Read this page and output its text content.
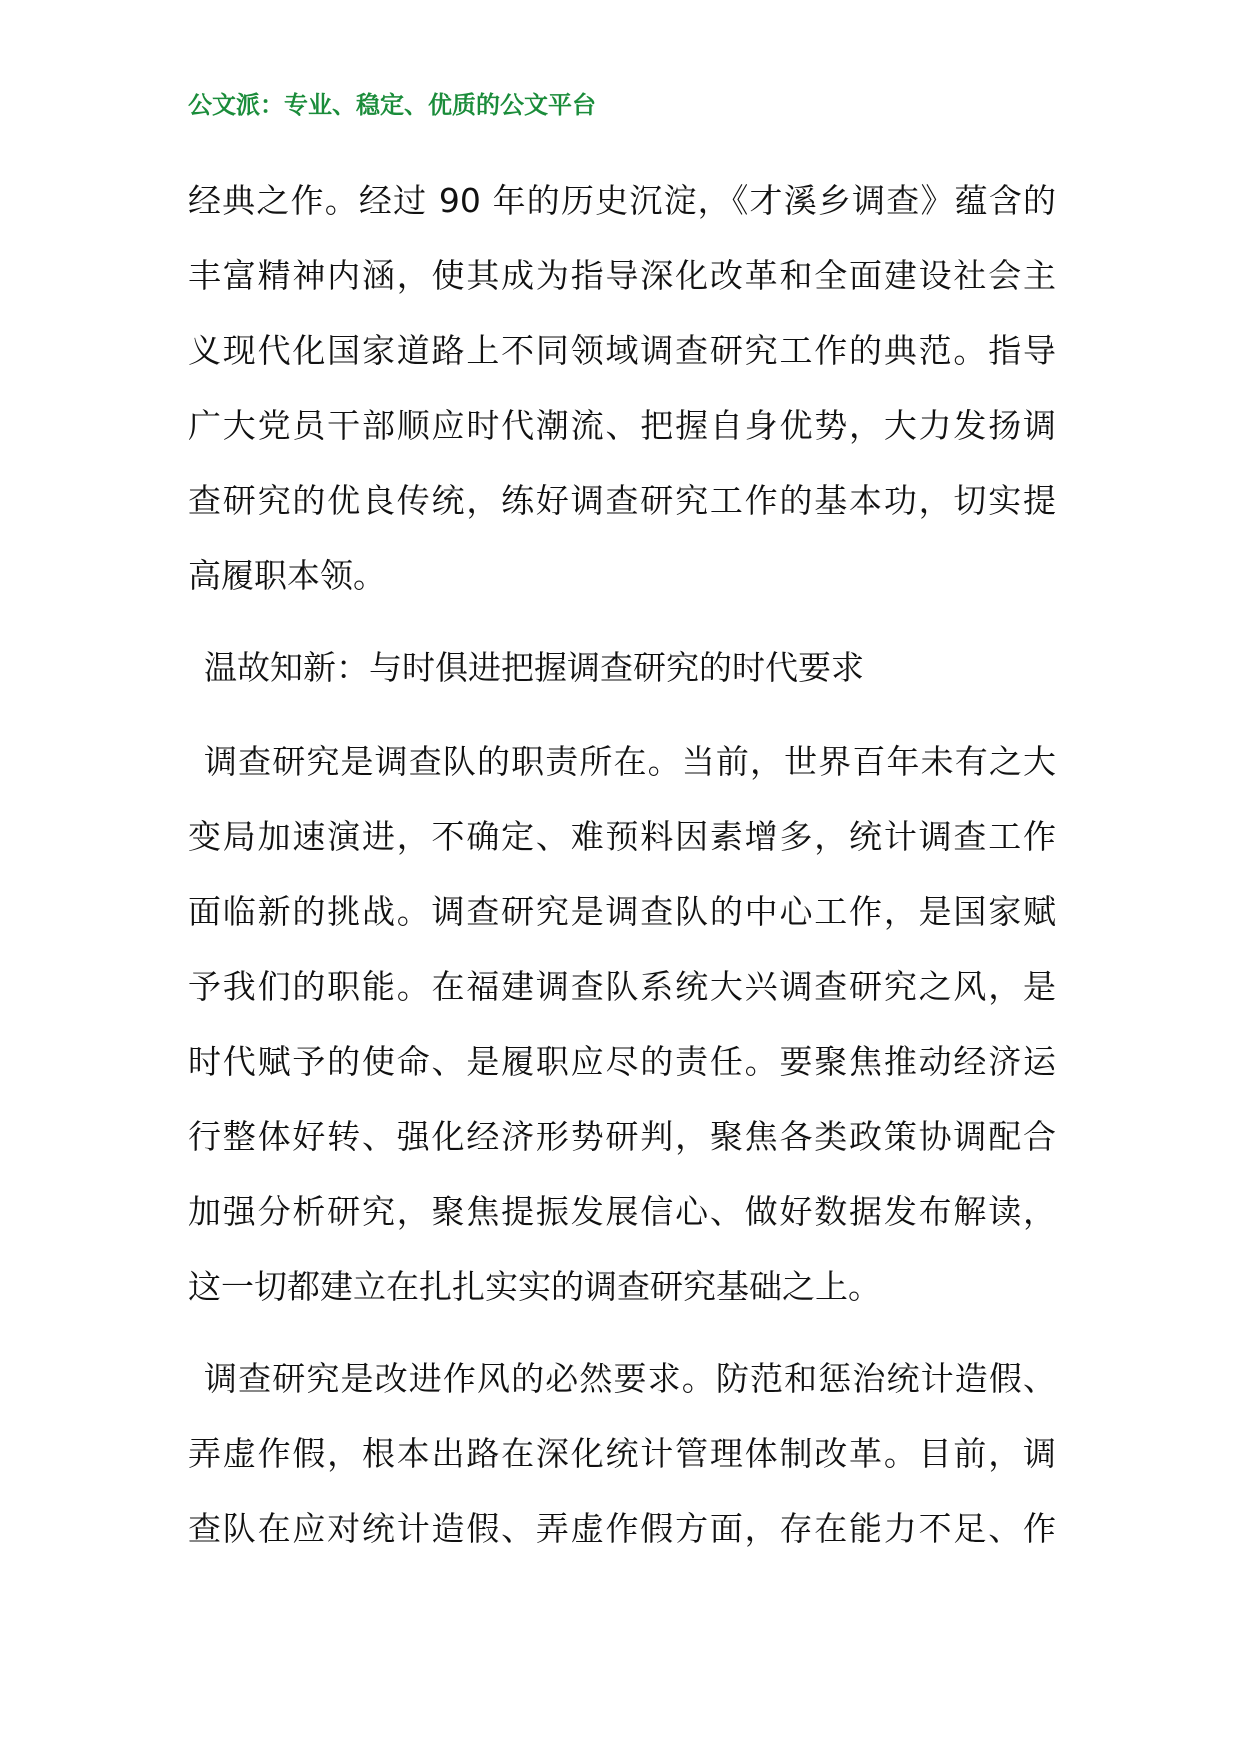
公文派：专业、稳定、优质的公文平台
经典之作。经过 90 年的历史沉淀，《才溪乡调查》蕴含的
丰富精神内涵，使其成为指导深化改革和全面建设社会主
义现代化国家道路上不同领域调查研究工作的典范。指导
广大党员干部顺应时代潮流、把握自身优势，大力发扬调
查研究的优良传统，练好调查研究工作的基本功，切实提
高履职本领。
温故知新：与时俱进把握调查研究的时代要求
调查研究是调查队的职责所在。当前，世界百年未有之大
变局加速演进，不确定、难预料因素增多，统计调查工作
面临新的挑战。调查研究是调查队的中心工作，是国家赋
予我们的职能。在福建调查队系统大兴调查研究之风，是
时代赋予的使命、是履职应尽的责任。要聚焦推动经济运
行整体好转、强化经济形势研判，聚焦各类政策协调配合
加强分析研究，聚焦提振发展信心、做好数据发布解读，
这一切都建立在扎扎实实的调查研究基础之上。
调查研究是改进作风的必然要求。防范和惩治统计造假、
弄虚作假，根本出路在深化统计管理体制改革。目前，调
查队在应对统计造假、弄虚作假方面，存在能力不足、作
